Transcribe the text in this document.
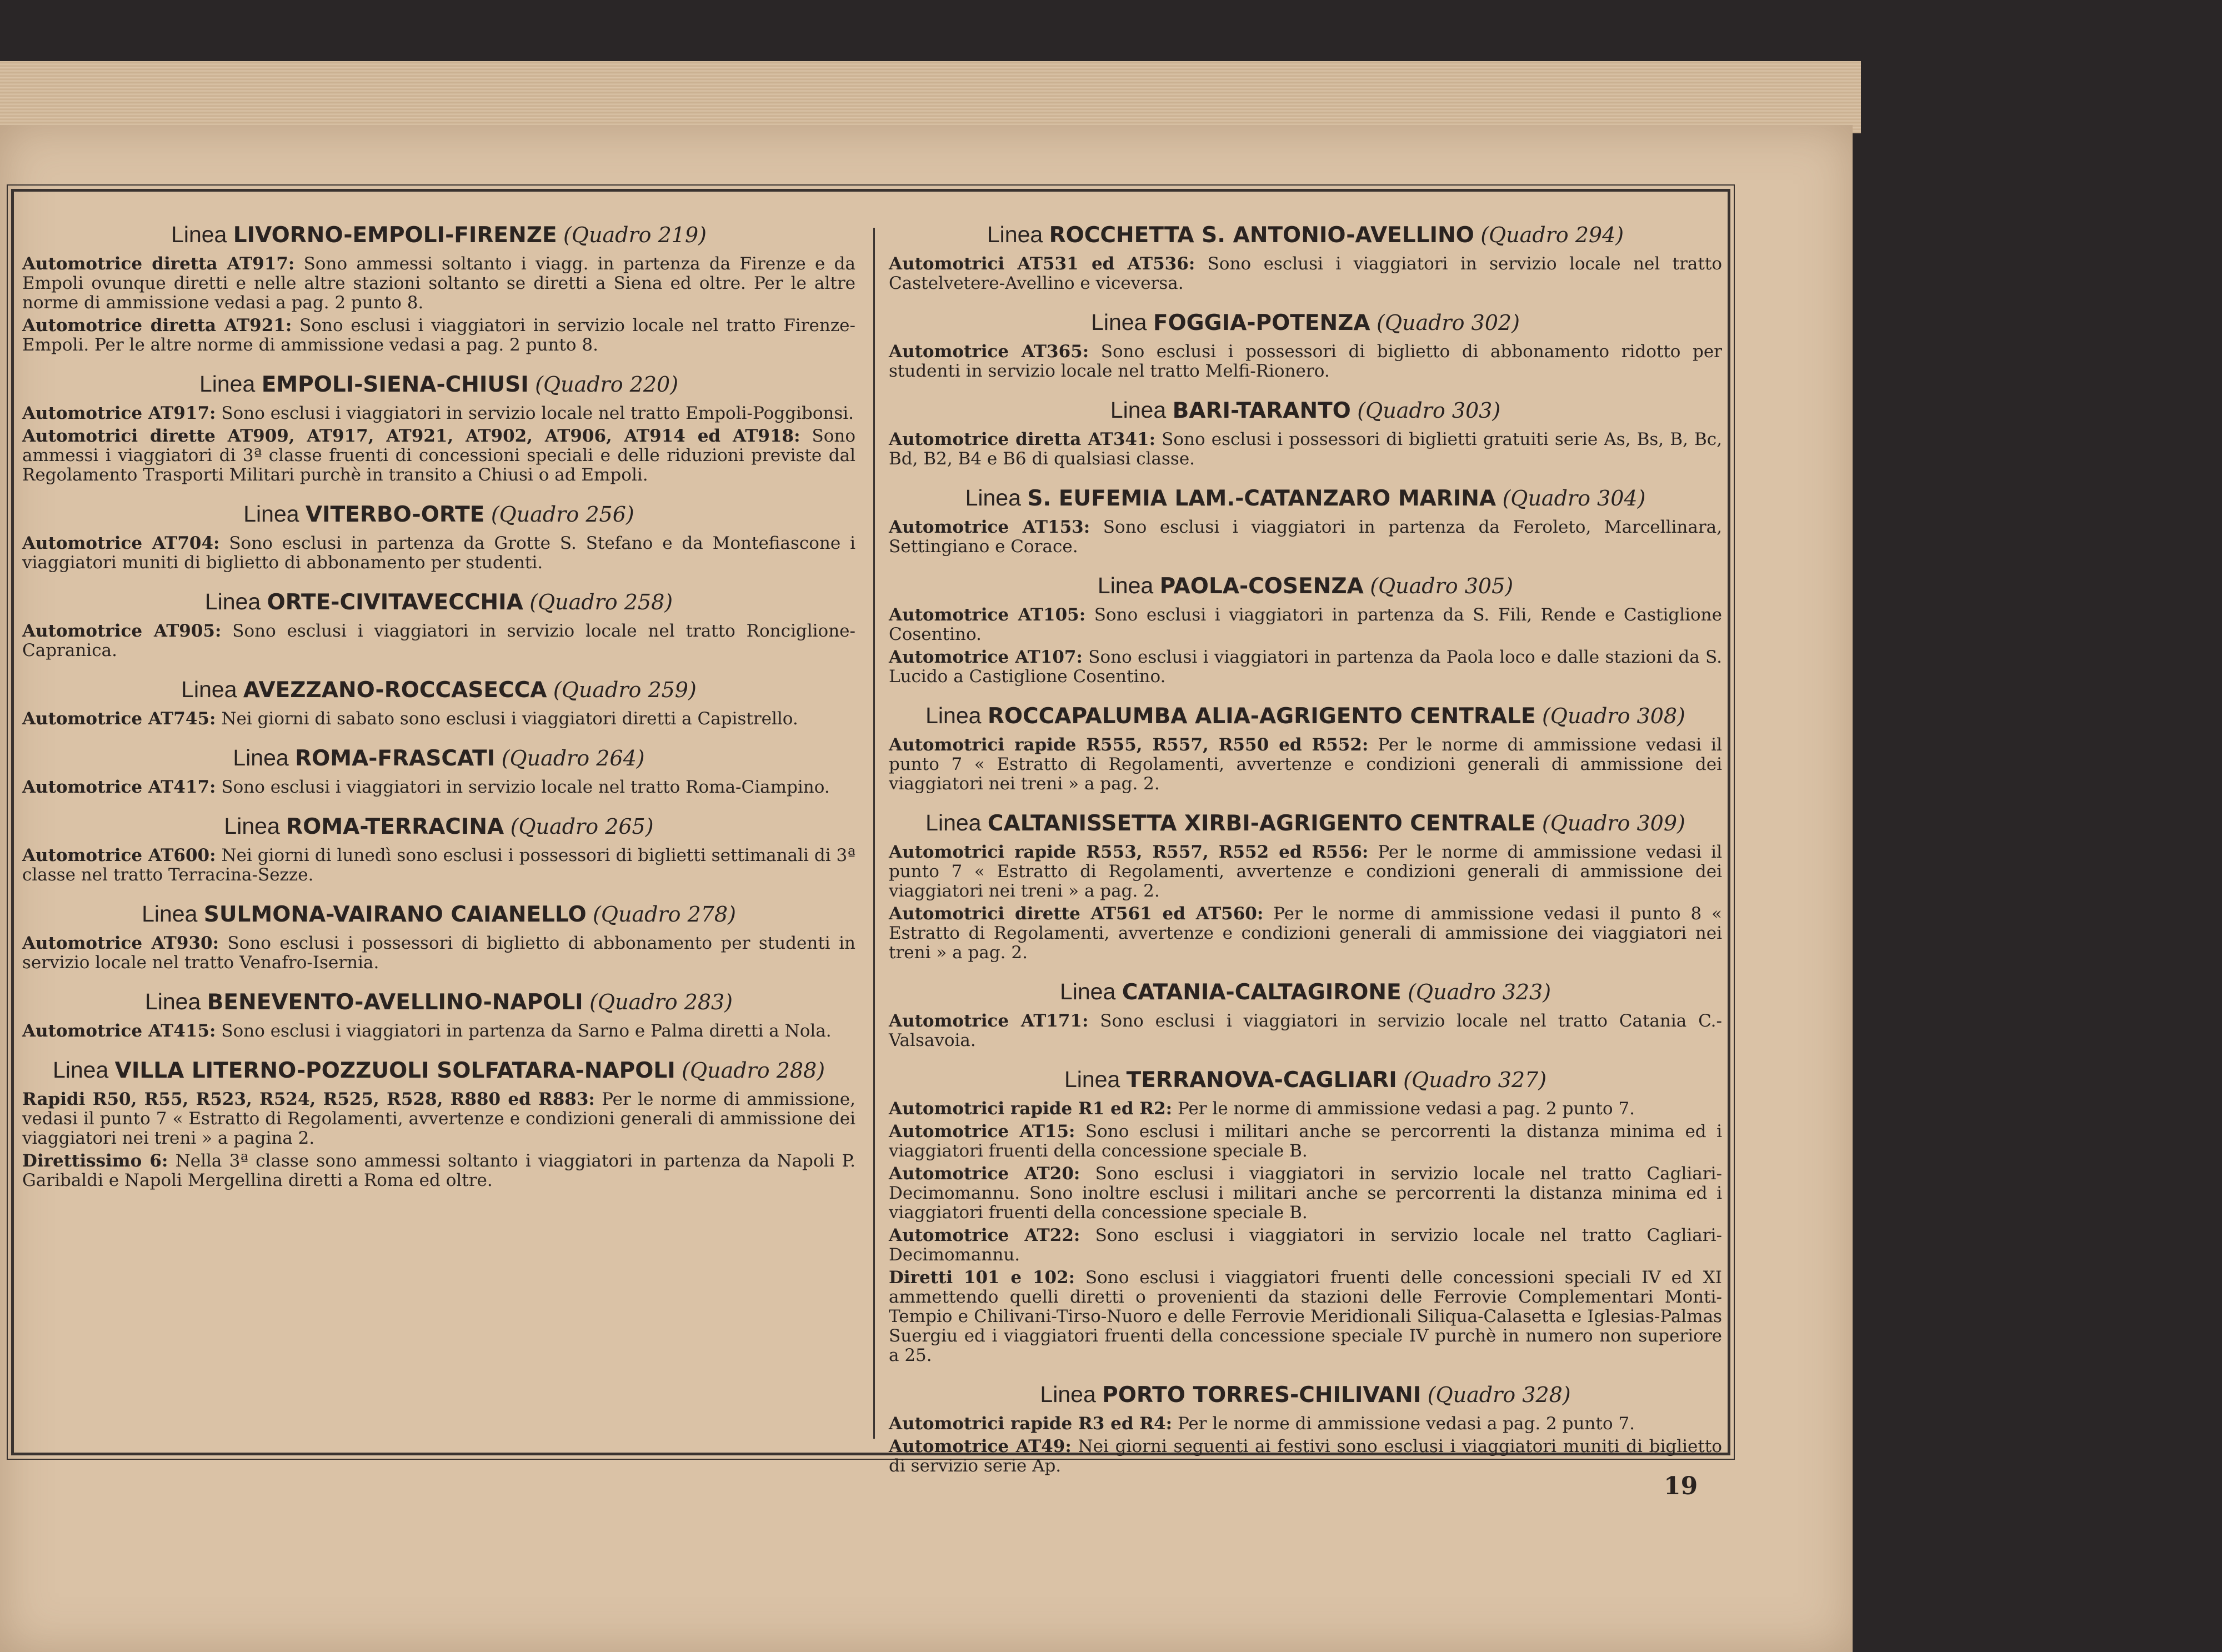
Linea LIVORNO-EMPOLI-FIRENZE (Quadro 219)
Automotrice diretta AT917: Sono ammessi soltanto i viagg. in partenza da Firenze e da Empoli ovunque diretti e nelle altre stazioni soltanto se diretti a Siena ed oltre. Per le altre norme di ammissione vedasi a pag. 2 punto 8.
Automotrice diretta AT921: Sono esclusi i viaggiatori in servizio locale nel tratto Firenze-Empoli. Per le altre norme di ammissione vedasi a pag. 2 punto 8.
Linea EMPOLI-SIENA-CHIUSI (Quadro 220)
Automotrice AT917: Sono esclusi i viaggiatori in servizio locale nel tratto Empoli-Poggibonsi.
Automotrici dirette AT909, AT917, AT921, AT902, AT906, AT914 ed AT918: Sono ammessi i viaggiatori di 3ª classe fruenti di concessioni speciali e delle riduzioni previste dal Regolamento Trasporti Militari purchè in transito a Chiusi o ad Empoli.
Linea VITERBO-ORTE (Quadro 256)
Automotrice AT704: Sono esclusi in partenza da Grotte S. Stefano e da Montefiascone i viaggiatori muniti di biglietto di abbonamento per studenti.
Linea ORTE-CIVITAVECCHIA (Quadro 258)
Automotrice AT905: Sono esclusi i viaggiatori in servizio locale nel tratto Ronciglione-Capranica.
Linea AVEZZANO-ROCCASECCA (Quadro 259)
Automotrice AT745: Nei giorni di sabato sono esclusi i viaggiatori diretti a Capistrello.
Linea ROMA-FRASCATI (Quadro 264)
Automotrice AT417: Sono esclusi i viaggiatori in servizio locale nel tratto Roma-Ciampino.
Linea ROMA-TERRACINA (Quadro 265)
Automotrice AT600: Nei giorni di lunedì sono esclusi i possessori di biglietti settimanali di 3ª classe nel tratto Terracina-Sezze.
Linea SULMONA-VAIRANO CAIANELLO (Quadro 278)
Automotrice AT930: Sono esclusi i possessori di biglietto di abbonamento per studenti in servizio locale nel tratto Venafro-Isernia.
Linea BENEVENTO-AVELLINO-NAPOLI (Quadro 283)
Automotrice AT415: Sono esclusi i viaggiatori in partenza da Sarno e Palma diretti a Nola.
Linea VILLA LITERNO-POZZUOLI SOLFATARA-NAPOLI (Quadro 288)
Rapidi R50, R55, R523, R524, R525, R528, R880 ed R883: Per le norme di ammissione, vedasi il punto 7 « Estratto di Regolamenti, avvertenze e condizioni generali di ammissione dei viaggiatori nei treni » a pagina 2.
Direttissimo 6: Nella 3ª classe sono ammessi soltanto i viaggiatori in partenza da Napoli P. Garibaldi e Napoli Mergellina diretti a Roma ed oltre.
Linea ROCCHETTA S. ANTONIO-AVELLINO (Quadro 294)
Automotrici AT531 ed AT536: Sono esclusi i viaggiatori in servizio locale nel tratto Castelvetere-Avellino e viceversa.
Linea FOGGIA-POTENZA (Quadro 302)
Automotrice AT365: Sono esclusi i possessori di biglietto di abbonamento ridotto per studenti in servizio locale nel tratto Melfi-Rionero.
Linea BARI-TARANTO (Quadro 303)
Automotrice diretta AT341: Sono esclusi i possessori di biglietti gratuiti serie As, Bs, B, Bc, Bd, B2, B4 e B6 di qualsiasi classe.
Linea S. EUFEMIA LAM.-CATANZARO MARINA (Quadro 304)
Automotrice AT153: Sono esclusi i viaggiatori in partenza da Feroleto, Marcellinara, Settingiano e Corace.
Linea PAOLA-COSENZA (Quadro 305)
Automotrice AT105: Sono esclusi i viaggiatori in partenza da S. Fili, Rende e Castiglione Cosentino.
Automotrice AT107: Sono esclusi i viaggiatori in partenza da Paola loco e dalle stazioni da S. Lucido a Castiglione Cosentino.
Linea ROCCAPALUMBA ALIA-AGRIGENTO CENTRALE (Quadro 308)
Automotrici rapide R555, R557, R550 ed R552: Per le norme di ammissione vedasi il punto 7 « Estratto di Regolamenti, avvertenze e condizioni generali di ammissione dei viaggiatori nei treni » a pag. 2.
Linea CALTANISSETTA XIRBI-AGRIGENTO CENTRALE (Quadro 309)
Automotrici rapide R553, R557, R552 ed R556: Per le norme di ammissione vedasi il punto 7 « Estratto di Regolamenti, avvertenze e condizioni generali di ammissione dei viaggiatori nei treni » a pag. 2.
Automotrici dirette AT561 ed AT560: Per le norme di ammissione vedasi il punto 8 « Estratto di Regolamenti, avvertenze e condizioni generali di ammissione dei viaggiatori nei treni » a pag. 2.
Linea CATANIA-CALTAGIRONE (Quadro 323)
Automotrice AT171: Sono esclusi i viaggiatori in servizio locale nel tratto Catania C.-Valsavoia.
Linea TERRANOVA-CAGLIARI (Quadro 327)
Automotrici rapide R1 ed R2: Per le norme di ammissione vedasi a pag. 2 punto 7.
Automotrice AT15: Sono esclusi i militari anche se percorrenti la distanza minima ed i viaggiatori fruenti della concessione speciale B.
Automotrice AT20: Sono esclusi i viaggiatori in servizio locale nel tratto Cagliari-Decimomannu. Sono inoltre esclusi i militari anche se percorrenti la distanza minima ed i viaggiatori fruenti della concessione speciale B.
Automotrice AT22: Sono esclusi i viaggiatori in servizio locale nel tratto Cagliari-Decimomannu.
Diretti 101 e 102: Sono esclusi i viaggiatori fruenti delle concessioni speciali IV ed XI ammettendo quelli diretti o provenienti da stazioni delle Ferrovie Complementari Monti-Tempio e Chilivani-Tirso-Nuoro e delle Ferrovie Meridionali Siliqua-Calasetta e Iglesias-Palmas Suergiu ed i viaggiatori fruenti della concessione speciale IV purchè in numero non superiore a 25.
Linea PORTO TORRES-CHILIVANI (Quadro 328)
Automotrici rapide R3 ed R4: Per le norme di ammissione vedasi a pag. 2 punto 7.
Automotrice AT49: Nei giorni seguenti ai festivi sono esclusi i viaggiatori muniti di biglietto di servizio serie Ap.
19
